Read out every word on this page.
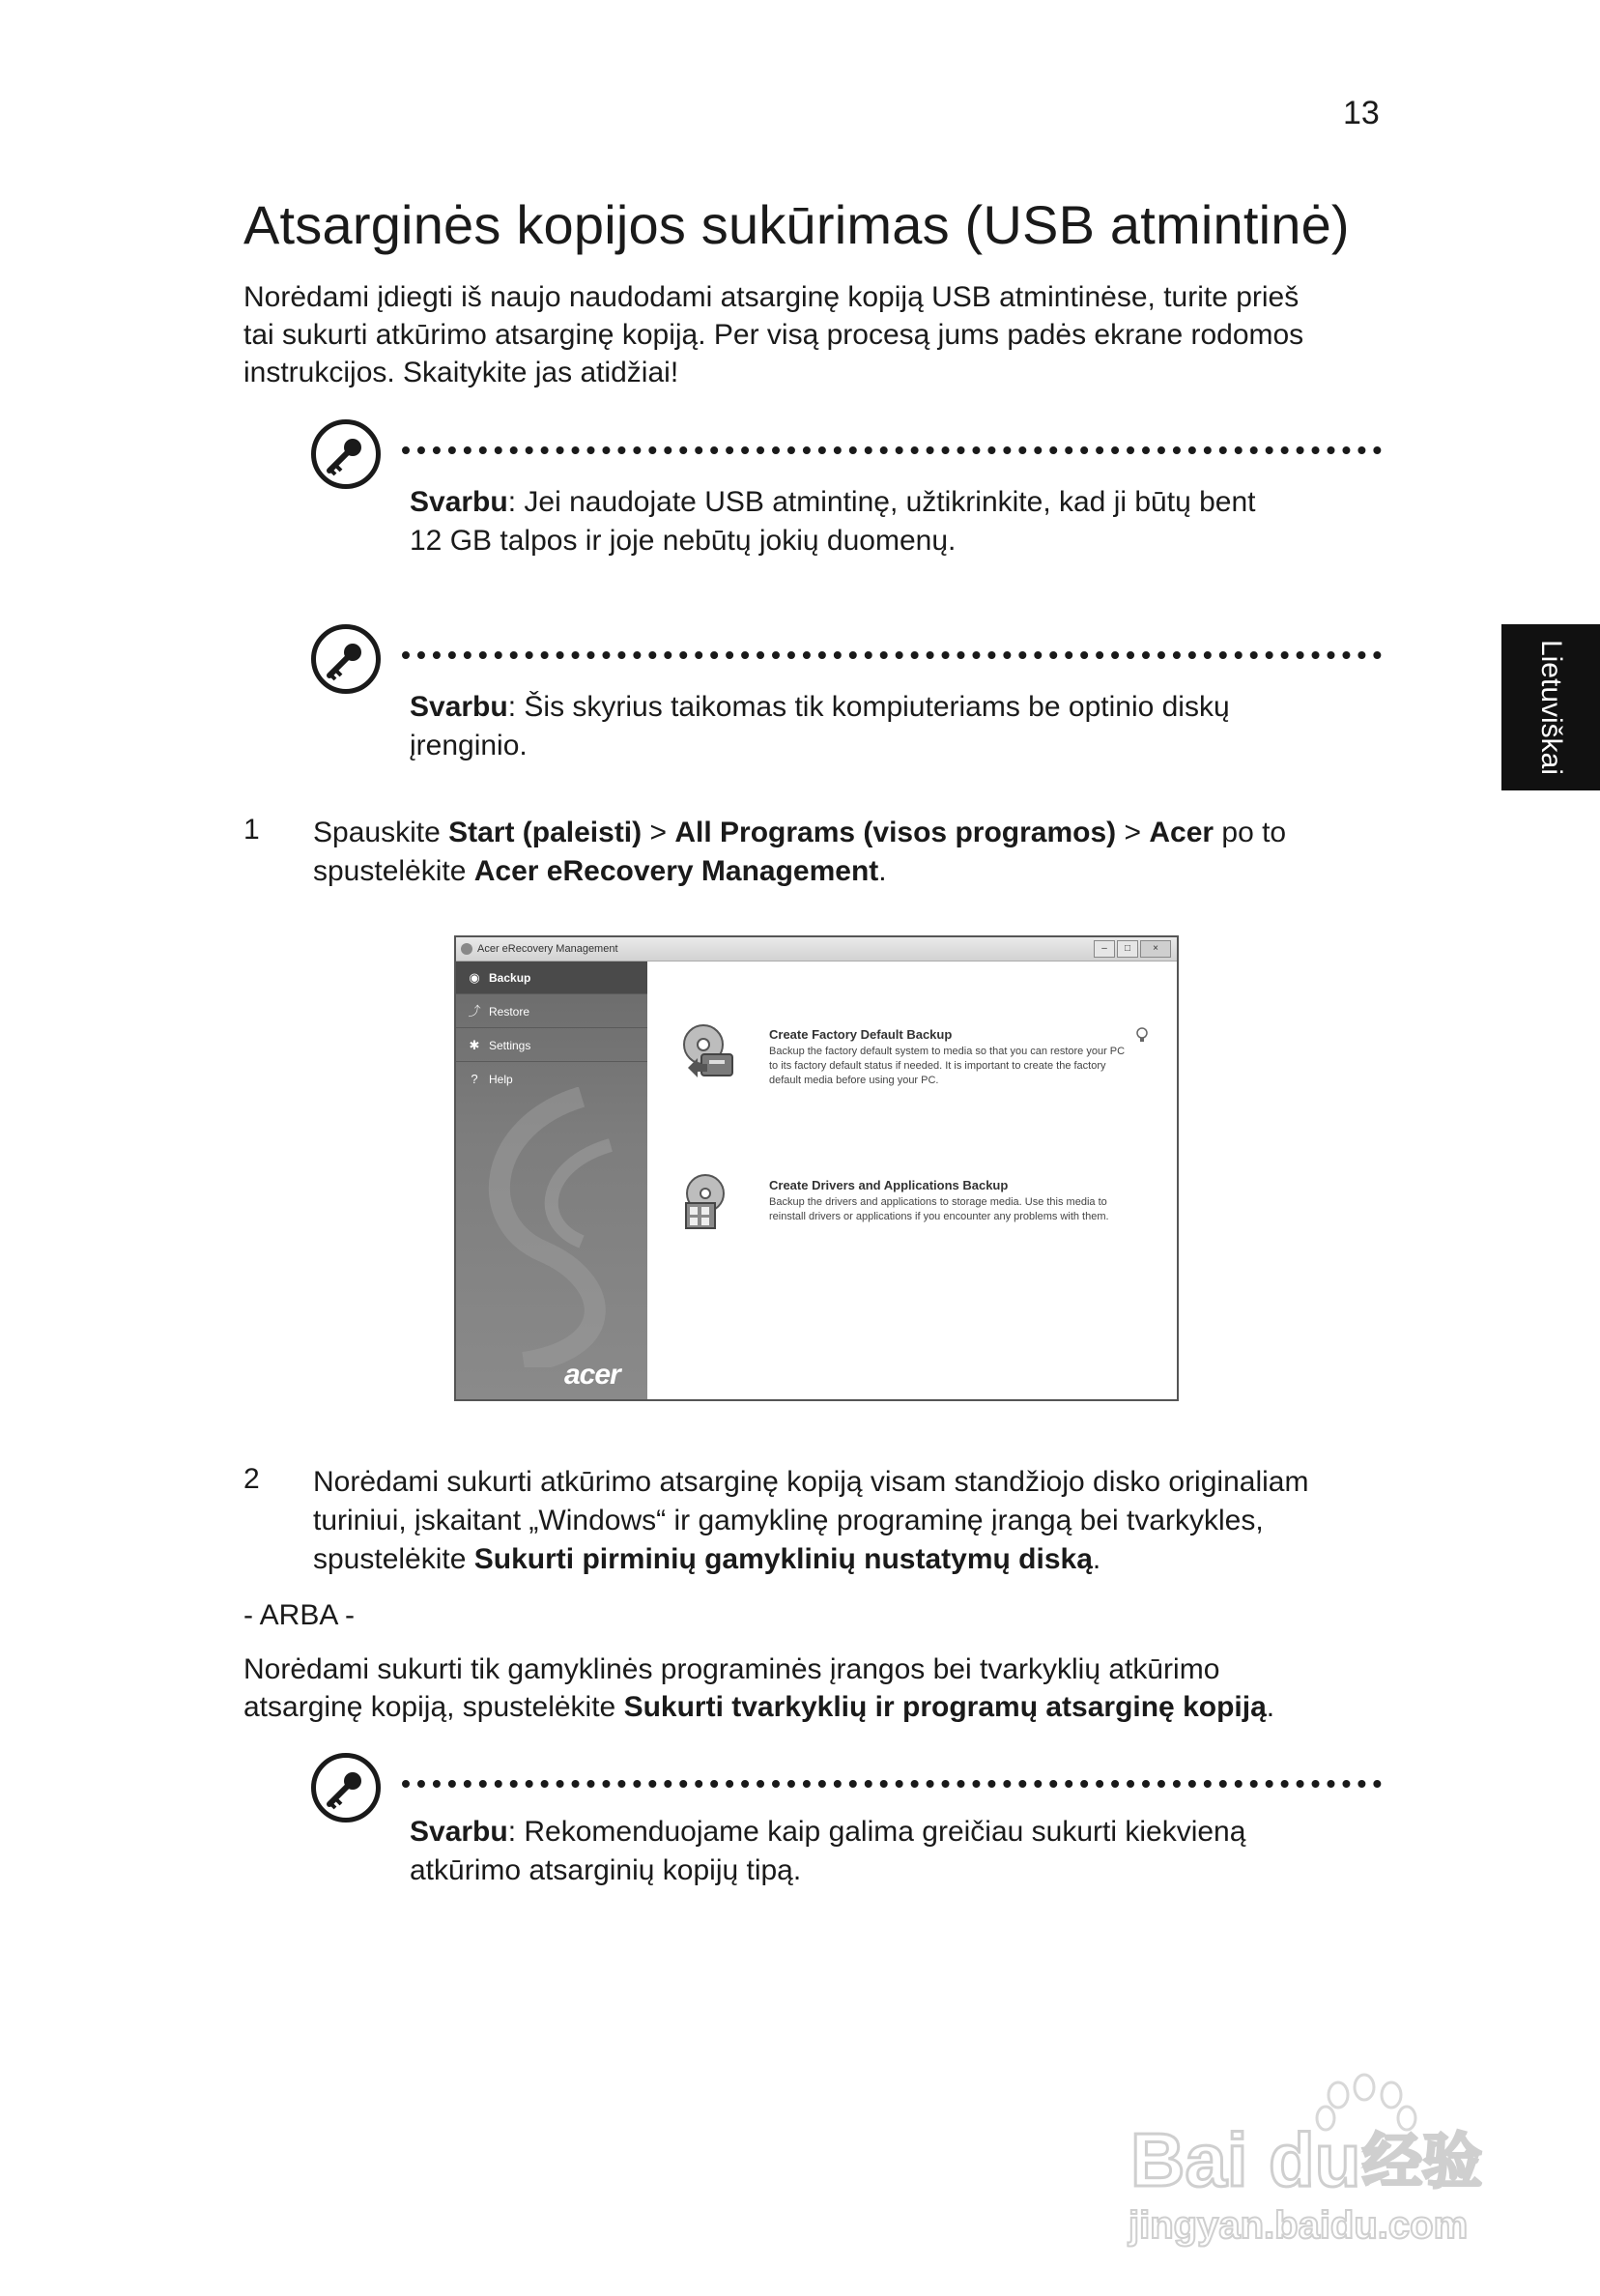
13
Atsarginės kopijos sukūrimas (USB atmintinė)

Norėdami įdiegti iš naujo naudodami atsarginę kopiją USB atmintinėse, turite prieš

tai sukurti atkūrimo atsarginę kopiją. Per visą procesą jums padės ekrane rodomos

instrukcijos. Skaitykite jas atidžiai!

Svarbu: Jei naudojate USB atmintinę, užtikrinkite, kad ji būtų bent
12 GB talpos ir joje nebūtų jokių duomenų.
Svarbu: Šis skyrius taikomas tik kompiuteriams be optinio diskų
įrenginio.	Lietuviškai
1 Spauskite Start (paleisti) > All Programs (visos programos) > Acer po to
spustelėkite Acer eRecovery Management.
Acer eRecovery Management	–	□	×
◉ Backup
⤴ Restore
✱ Settings
? Help
acer
Create Factory Default Backup
Backup the factory default system to media so that you can restore your PC to its factory default status if needed. It is important to create the factory default media before using your PC.
Create Drivers and Applications Backup
Backup the drivers and applications to storage media. Use this media to reinstall drivers or applications if you encounter any problems with them.
2 Norėdami sukurti atkūrimo atsarginę kopiją visam standžiojo disko originaliam
turiniui, įskaitant „Windows“ ir gamyklinę programinę įrangą bei tvarkykles,
spustelėkite Sukurti pirminių gamyklinių nustatymų diską.
- ARBA -
Norėdami sukurti tik gamyklinės programinės įrangos bei tvarkyklių atkūrimo
atsarginę kopiją, spustelėkite Sukurti tvarkyklių ir programų atsarginę kopiją.
Svarbu: Rekomenduojame kaip galima greičiau sukurti kiekvieną
atkūrimo atsarginių kopijų tipą.
Bai du 经验
jingyan.baidu.com
